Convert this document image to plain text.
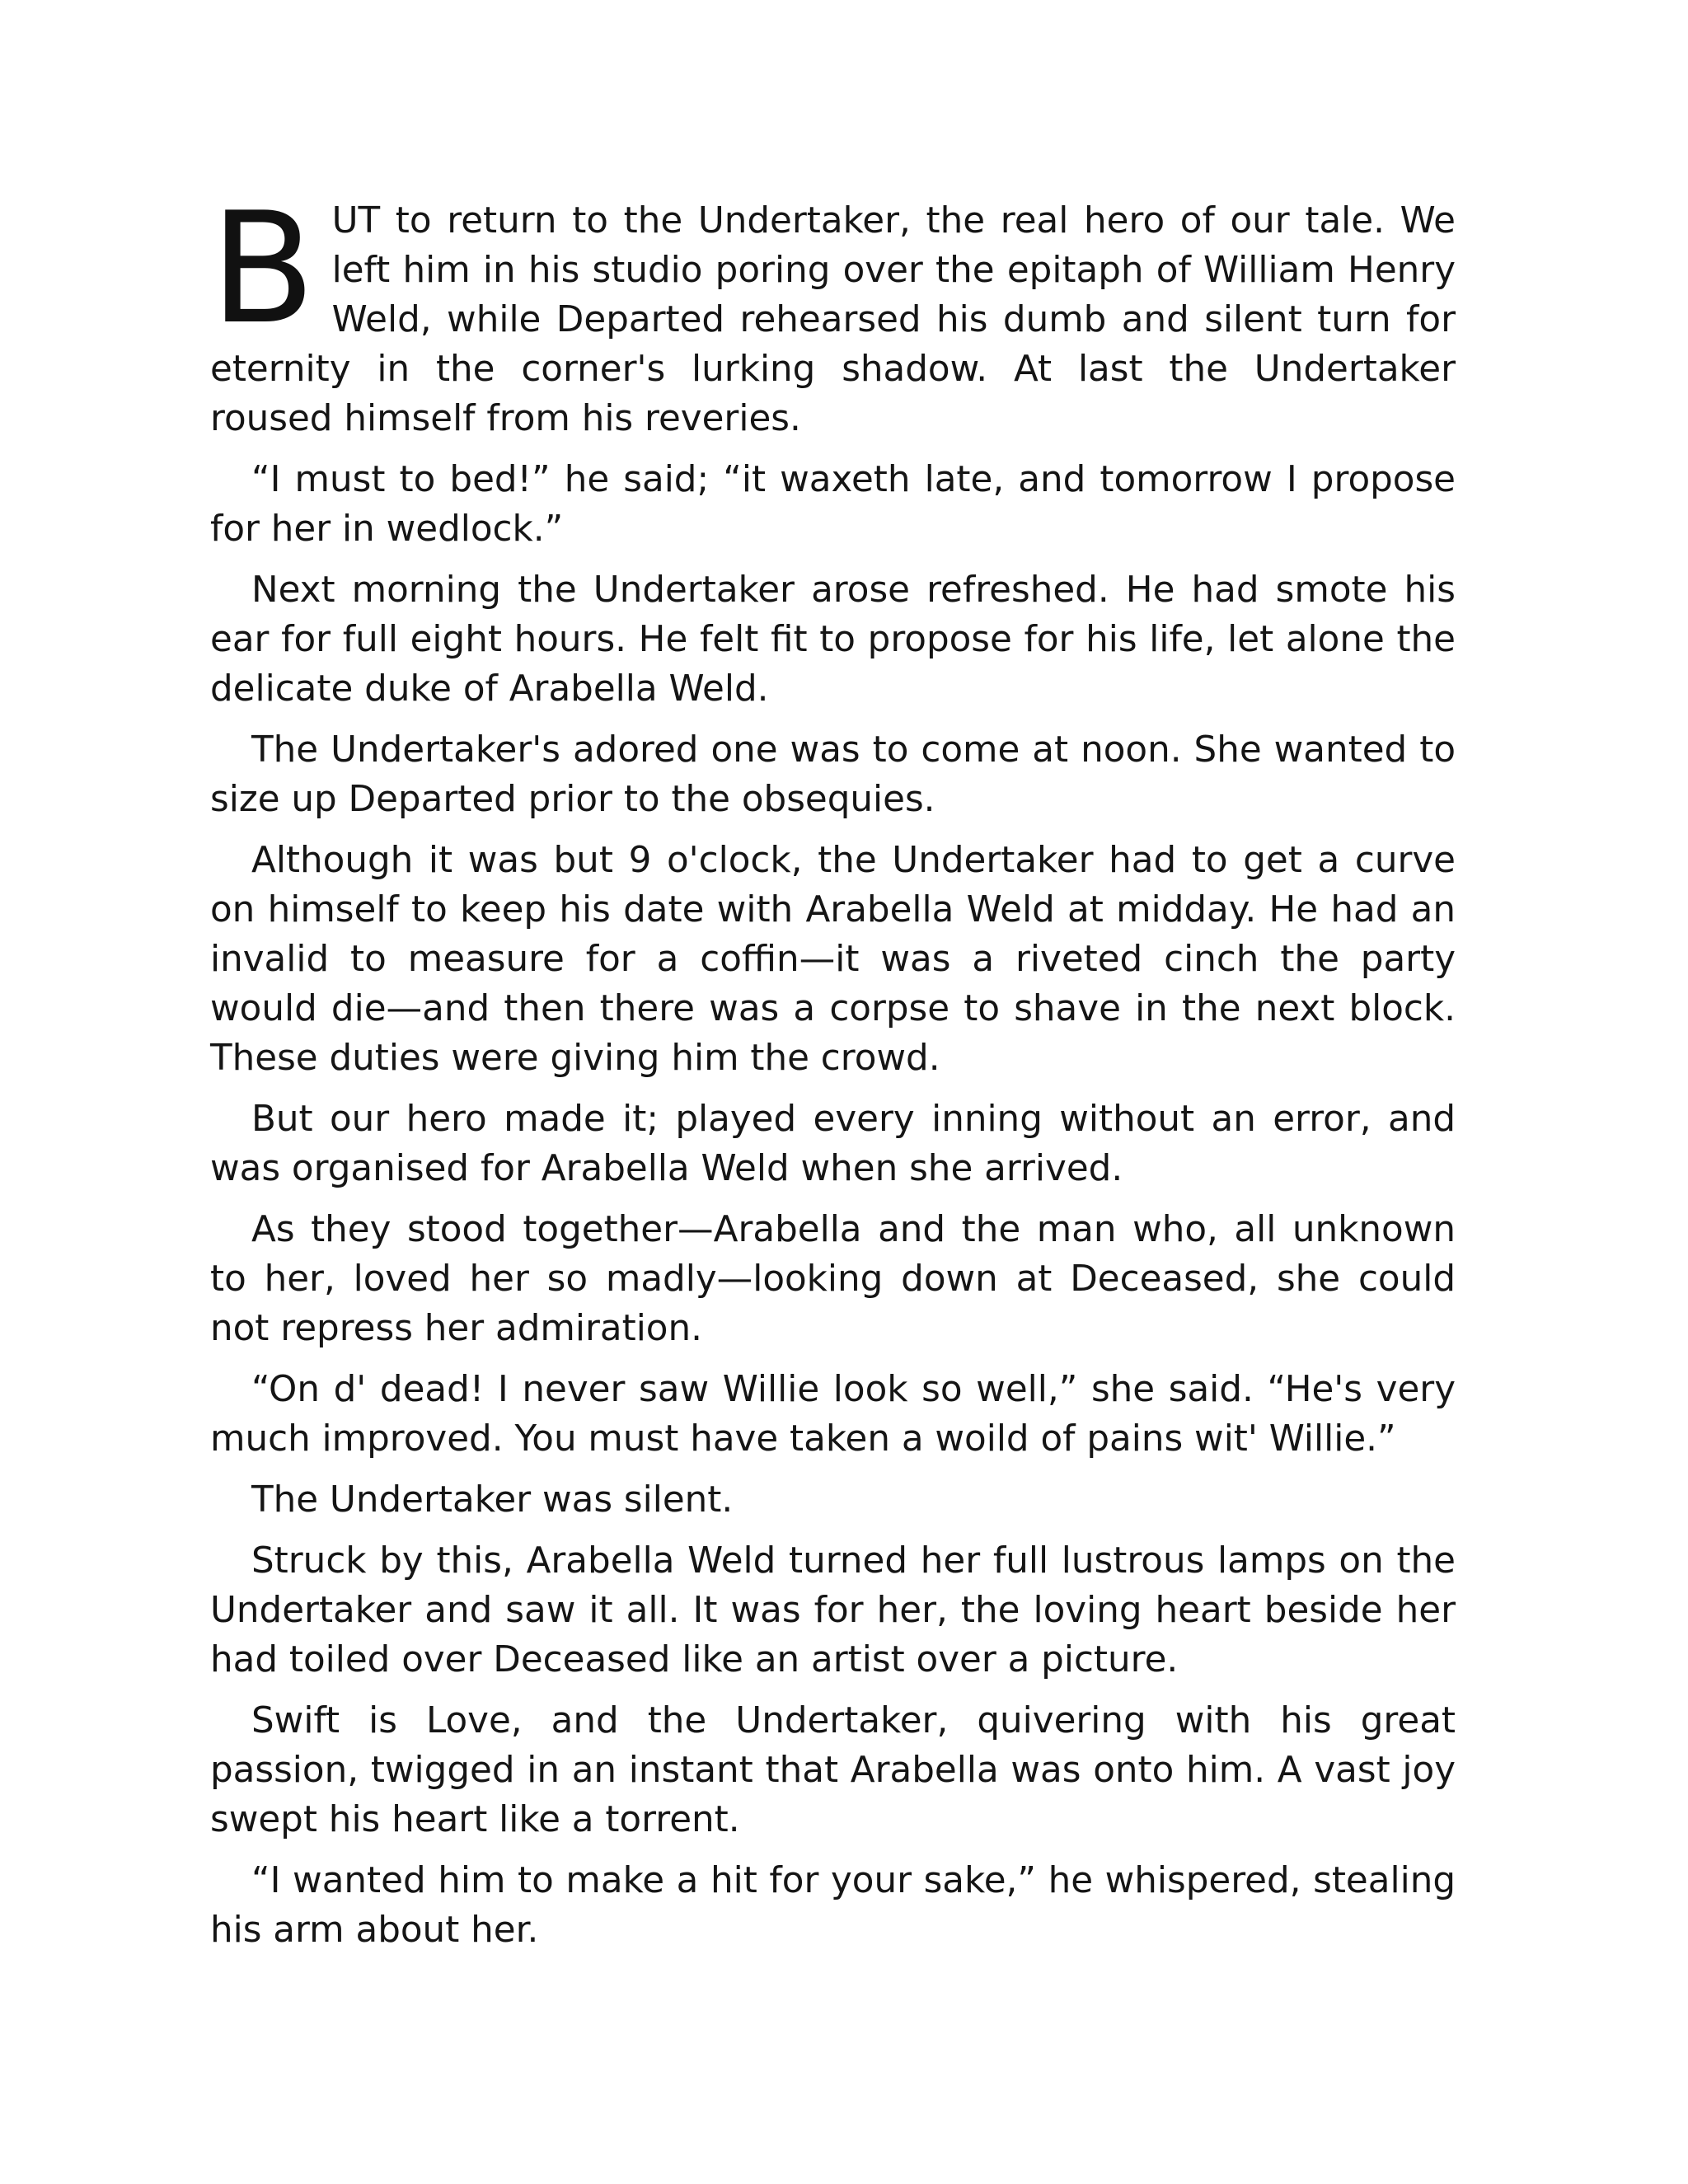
BUT to return to the Undertaker, the real hero of our tale. We left him in his studio poring over the epitaph of William Henry Weld, while Departed rehearsed his dumb and silent turn for eternity in the corner's lurking shadow. At last the Undertaker roused himself from his reveries.

“I must to bed!” he said; “it waxeth late, and tomorrow I propose for her in wedlock.”

Next morning the Undertaker arose refreshed. He had smote his ear for full eight hours. He felt fit to propose for his life, let alone the delicate duke of Arabella Weld.

The Undertaker's adored one was to come at noon. She wanted to size up Departed prior to the obsequies.

Although it was but 9 o'clock, the Undertaker had to get a curve on himself to keep his date with Arabella Weld at midday. He had an invalid to measure for a coffin—it was a riveted cinch the party would die—and then there was a corpse to shave in the next block. These duties were giving him the crowd.

But our hero made it; played every inning without an error, and was organised for Arabella Weld when she arrived.

As they stood together—Arabella and the man who, all unknown to her, loved her so madly—looking down at Deceased, she could not repress her admiration.

“On d' dead! I never saw Willie look so well,” she said. “He's very much improved. You must have taken a woild of pains wit' Willie.”

The Undertaker was silent.

Struck by this, Arabella Weld turned her full lustrous lamps on the Undertaker and saw it all. It was for her, the loving heart beside her had toiled over Deceased like an artist over a picture.

Swift is Love, and the Undertaker, quivering with his great passion, twigged in an instant that Arabella was onto him. A vast joy swept his heart like a torrent.

“I wanted him to make a hit for your sake,” he whispered, stealing his arm about her.
